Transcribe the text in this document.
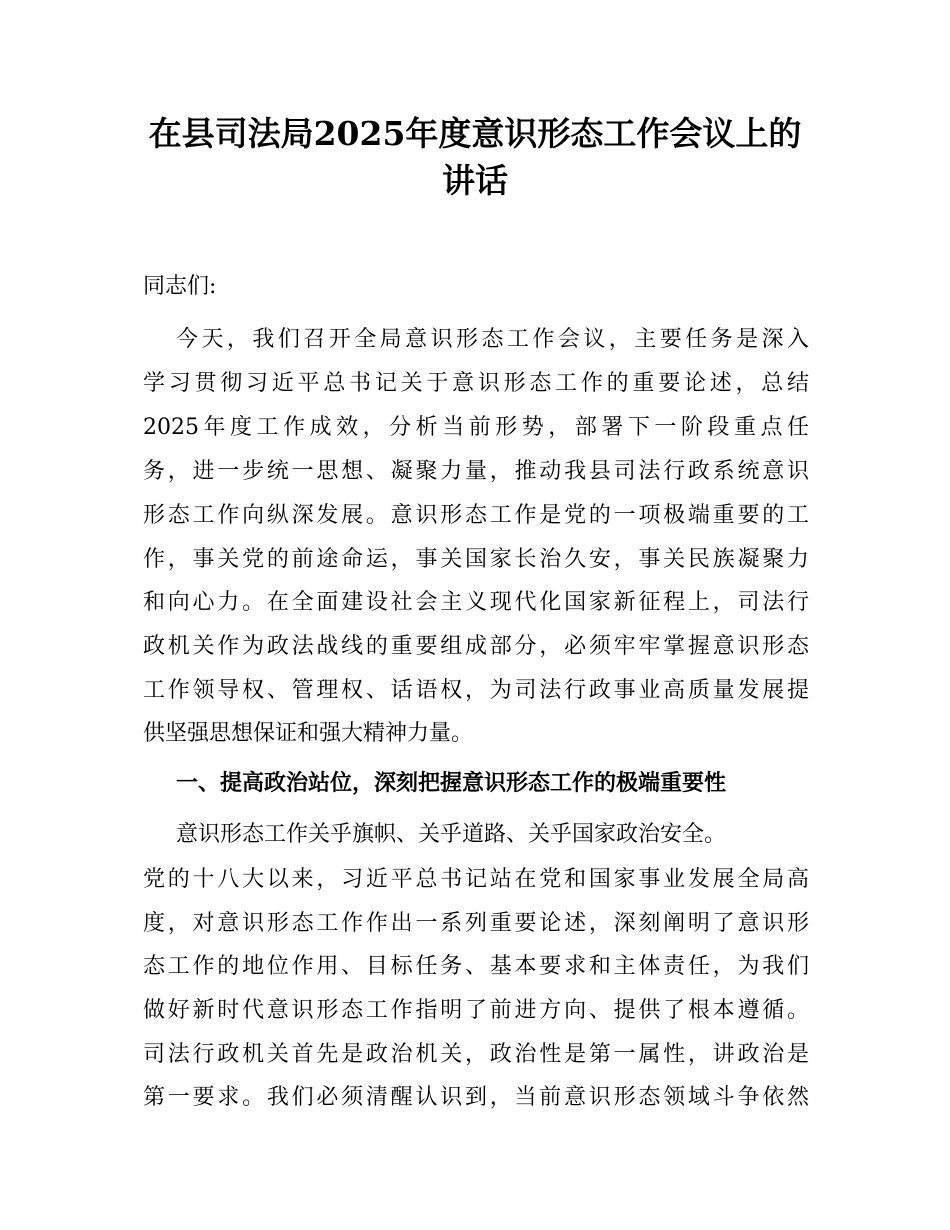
在县司法局2025年度意识形态工作会议上的
讲话
同志们:
今天，我们召开全局意识形态工作会议，主要任务是深入
学习贯彻习近平总书记关于意识形态工作的重要论述，总结
2025年度工作成效，分析当前形势，部署下一阶段重点任
务，进一步统一思想、凝聚力量，推动我县司法行政系统意识
形态工作向纵深发展。意识形态工作是党的一项极端重要的工
作，事关党的前途命运，事关国家长治久安，事关民族凝聚力
和向心力。在全面建设社会主义现代化国家新征程上，司法行
政机关作为政法战线的重要组成部分，必须牢牢掌握意识形态
工作领导权、管理权、话语权，为司法行政事业高质量发展提
供坚强思想保证和强大精神力量。
一、提高政治站位，深刻把握意识形态工作的极端重要性
意识形态工作关乎旗帜、关乎道路、关乎国家政治安全。
党的十八大以来，习近平总书记站在党和国家事业发展全局高
度，对意识形态工作作出一系列重要论述，深刻阐明了意识形
态工作的地位作用、目标任务、基本要求和主体责任，为我们
做好新时代意识形态工作指明了前进方向、提供了根本遵循。
司法行政机关首先是政治机关，政治性是第一属性，讲政治是
第一要求。我们必须清醒认识到，当前意识形态领域斗争依然
